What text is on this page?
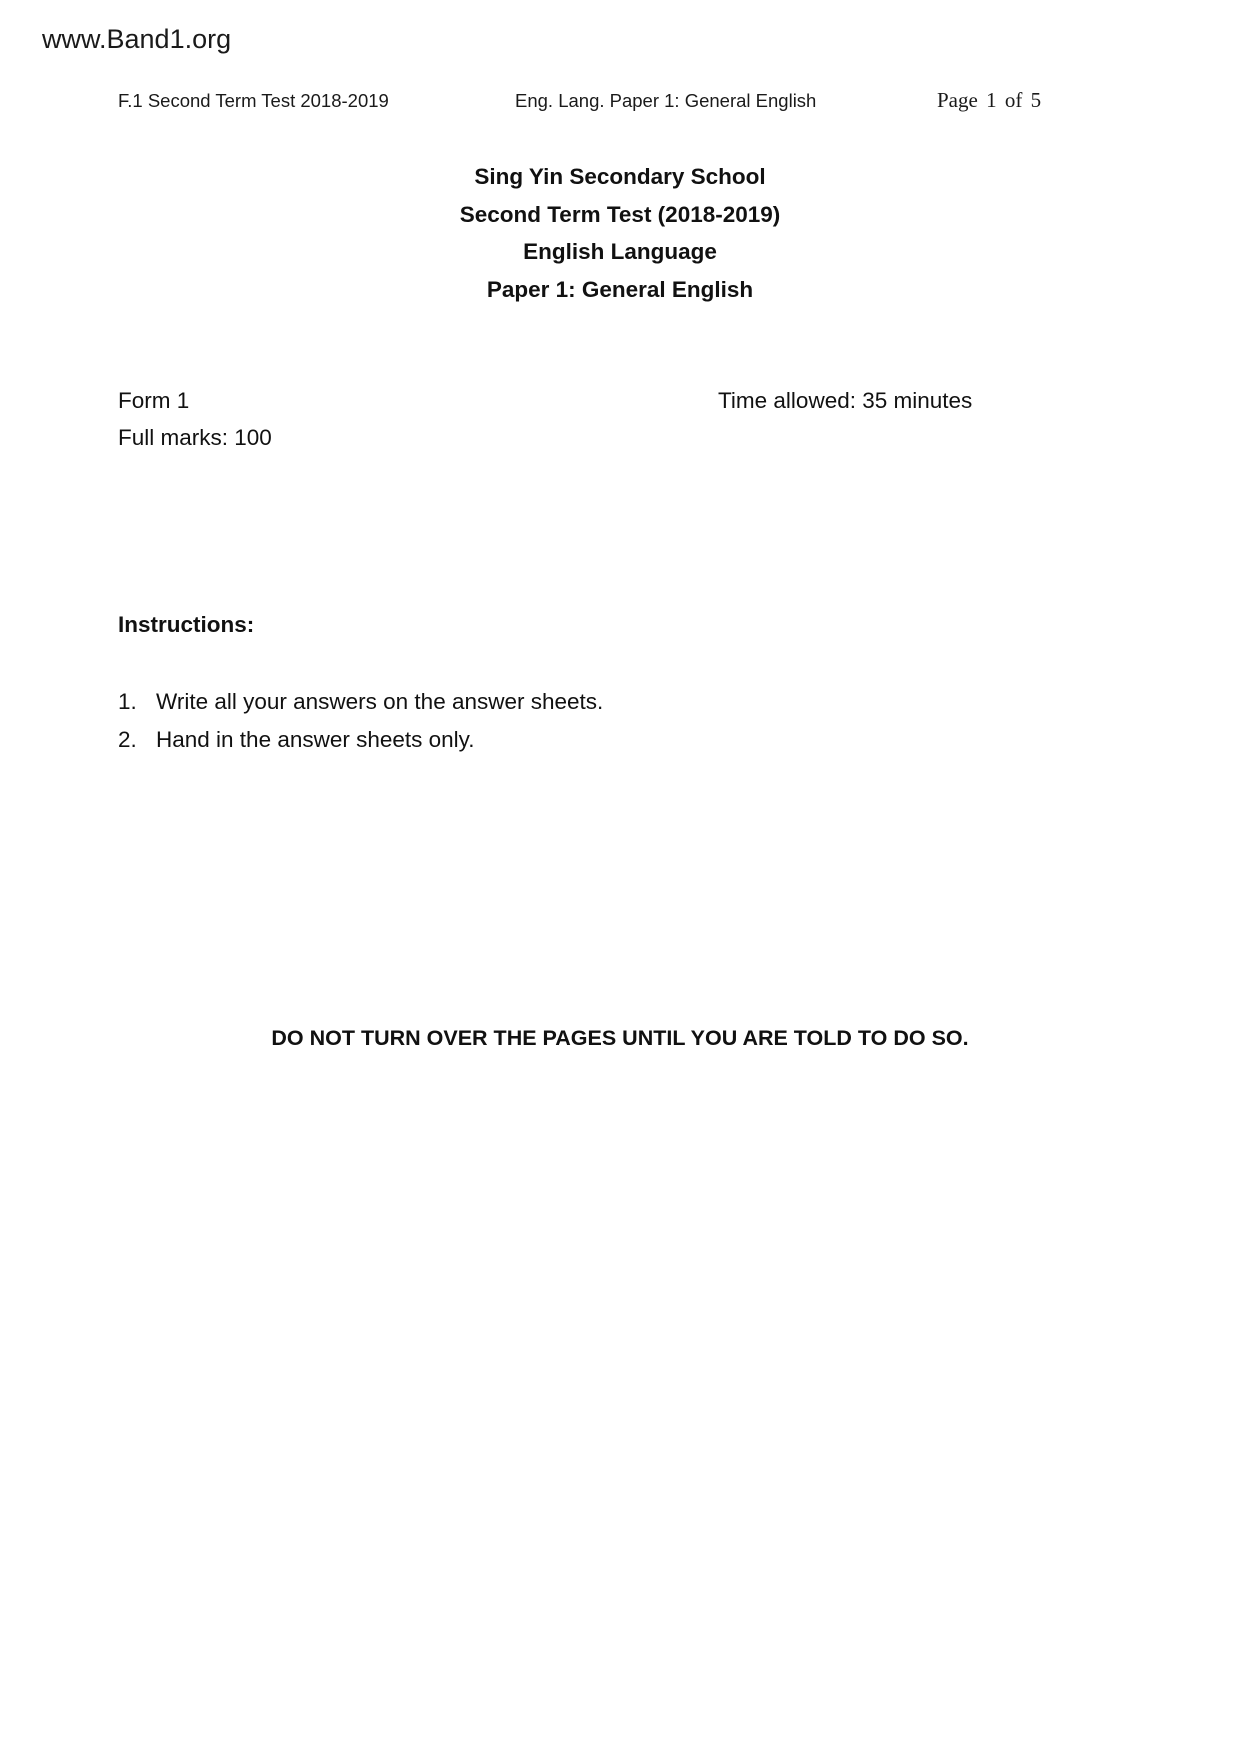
www.Band1.org
F.1 Second Term Test 2018-2019	Eng. Lang. Paper 1: General English	Page 1 of 5
Sing Yin Secondary School
Second Term Test (2018-2019)
English Language
Paper 1: General English
Form 1
Full marks: 100
Time allowed: 35 minutes
Instructions:
1. Write all your answers on the answer sheets.
2. Hand in the answer sheets only.
DO NOT TURN OVER THE PAGES UNTIL YOU ARE TOLD TO DO SO.
